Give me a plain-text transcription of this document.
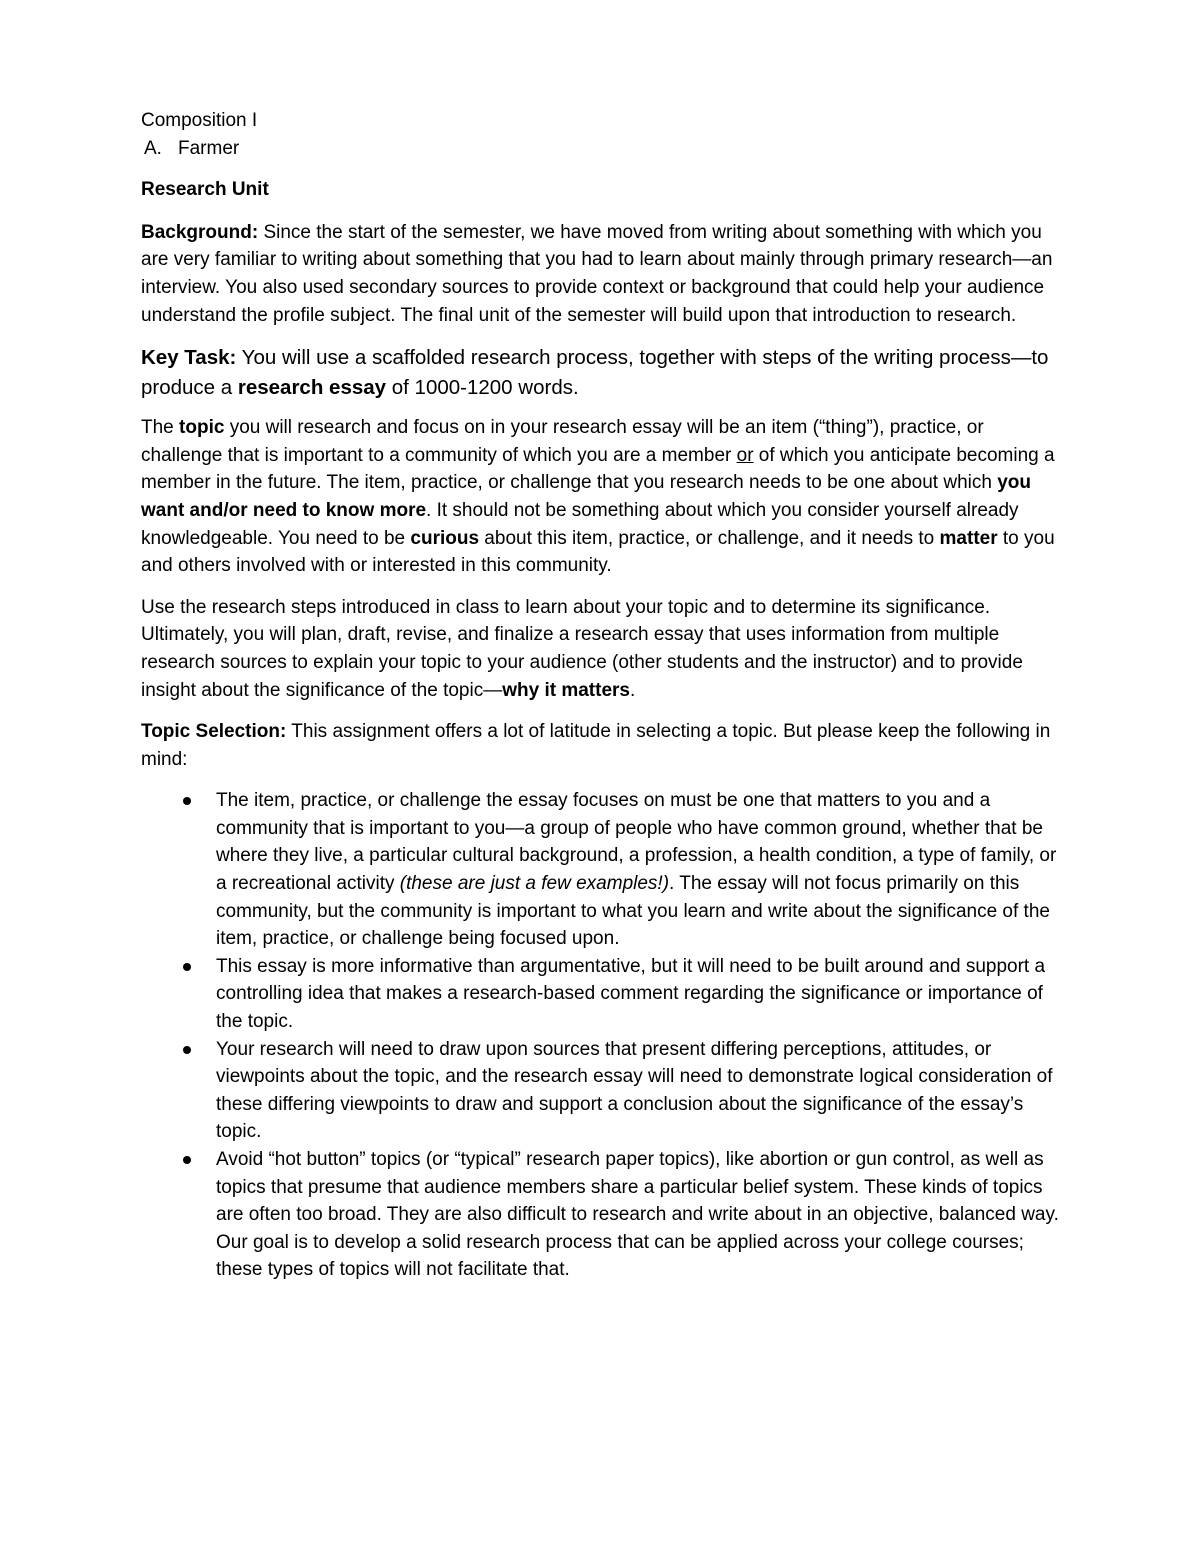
Composition I

A. Farmer

Research Unit

Background: Since the start of the semester, we have moved from writing about something with which you are very familiar to writing about something that you had to learn about mainly through primary research—an interview. You also used secondary sources to provide context or background that could help your audience understand the profile subject. The final unit of the semester will build upon that introduction to research.

Key Task: You will use a scaffolded research process, together with steps of the writing process—to produce a research essay of 1000-1200 words.

The topic you will research and focus on in your research essay will be an item (“thing”), practice, or challenge that is important to a community of which you are a member or of which you anticipate becoming a member in the future. The item, practice, or challenge that you research needs to be one about which you want and/or need to know more. It should not be something about which you consider yourself already knowledgeable. You need to be curious about this item, practice, or challenge, and it needs to matter to you and others involved with or interested in this community.

Use the research steps introduced in class to learn about your topic and to determine its significance. Ultimately, you will plan, draft, revise, and finalize a research essay that uses information from multiple research sources to explain your topic to your audience (other students and the instructor) and to provide insight about the significance of the topic—why it matters.

Topic Selection: This assignment offers a lot of latitude in selecting a topic. But please keep the following in mind:

The item, practice, or challenge the essay focuses on must be one that matters to you and a community that is important to you—a group of people who have common ground, whether that be where they live, a particular cultural background, a profession, a health condition, a type of family, or a recreational activity (these are just a few examples!). The essay will not focus primarily on this community, but the community is important to what you learn and write about the significance of the item, practice, or challenge being focused upon.
This essay is more informative than argumentative, but it will need to be built around and support a controlling idea that makes a research-based comment regarding the significance or importance of the topic.
Your research will need to draw upon sources that present differing perceptions, attitudes, or viewpoints about the topic, and the research essay will need to demonstrate logical consideration of these differing viewpoints to draw and support a conclusion about the significance of the essay’s topic.
Avoid “hot button” topics (or “typical” research paper topics), like abortion or gun control, as well as topics that presume that audience members share a particular belief system. These kinds of topics are often too broad. They are also difficult to research and write about in an objective, balanced way. Our goal is to develop a solid research process that can be applied across your college courses; these types of topics will not facilitate that.
